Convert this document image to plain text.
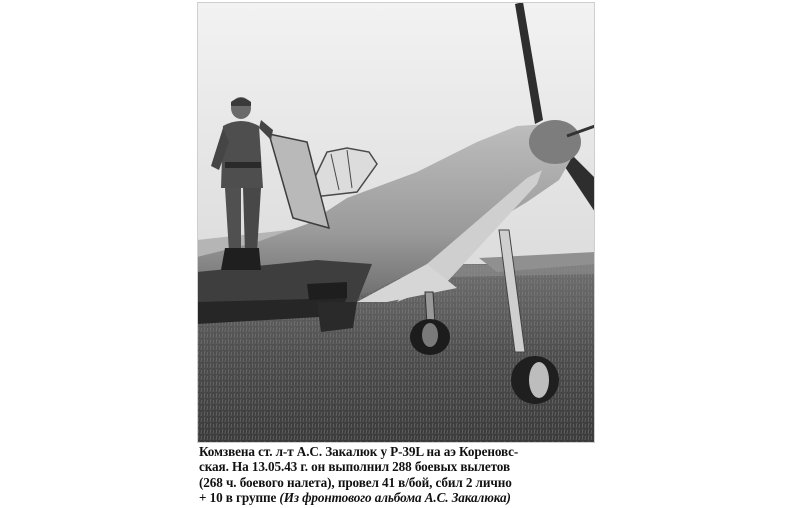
Комзвена ст. л-т А.С. Закалюк у P-39L на аэ Кореновс-
ская. На 13.05.43 г. он выполнил 288 боевых вылетов
(268 ч. боевого налета), провел 41 в/бой, сбил 2 лично
+ 10 в группе (Из фронтового альбома А.С. Закалюка)
